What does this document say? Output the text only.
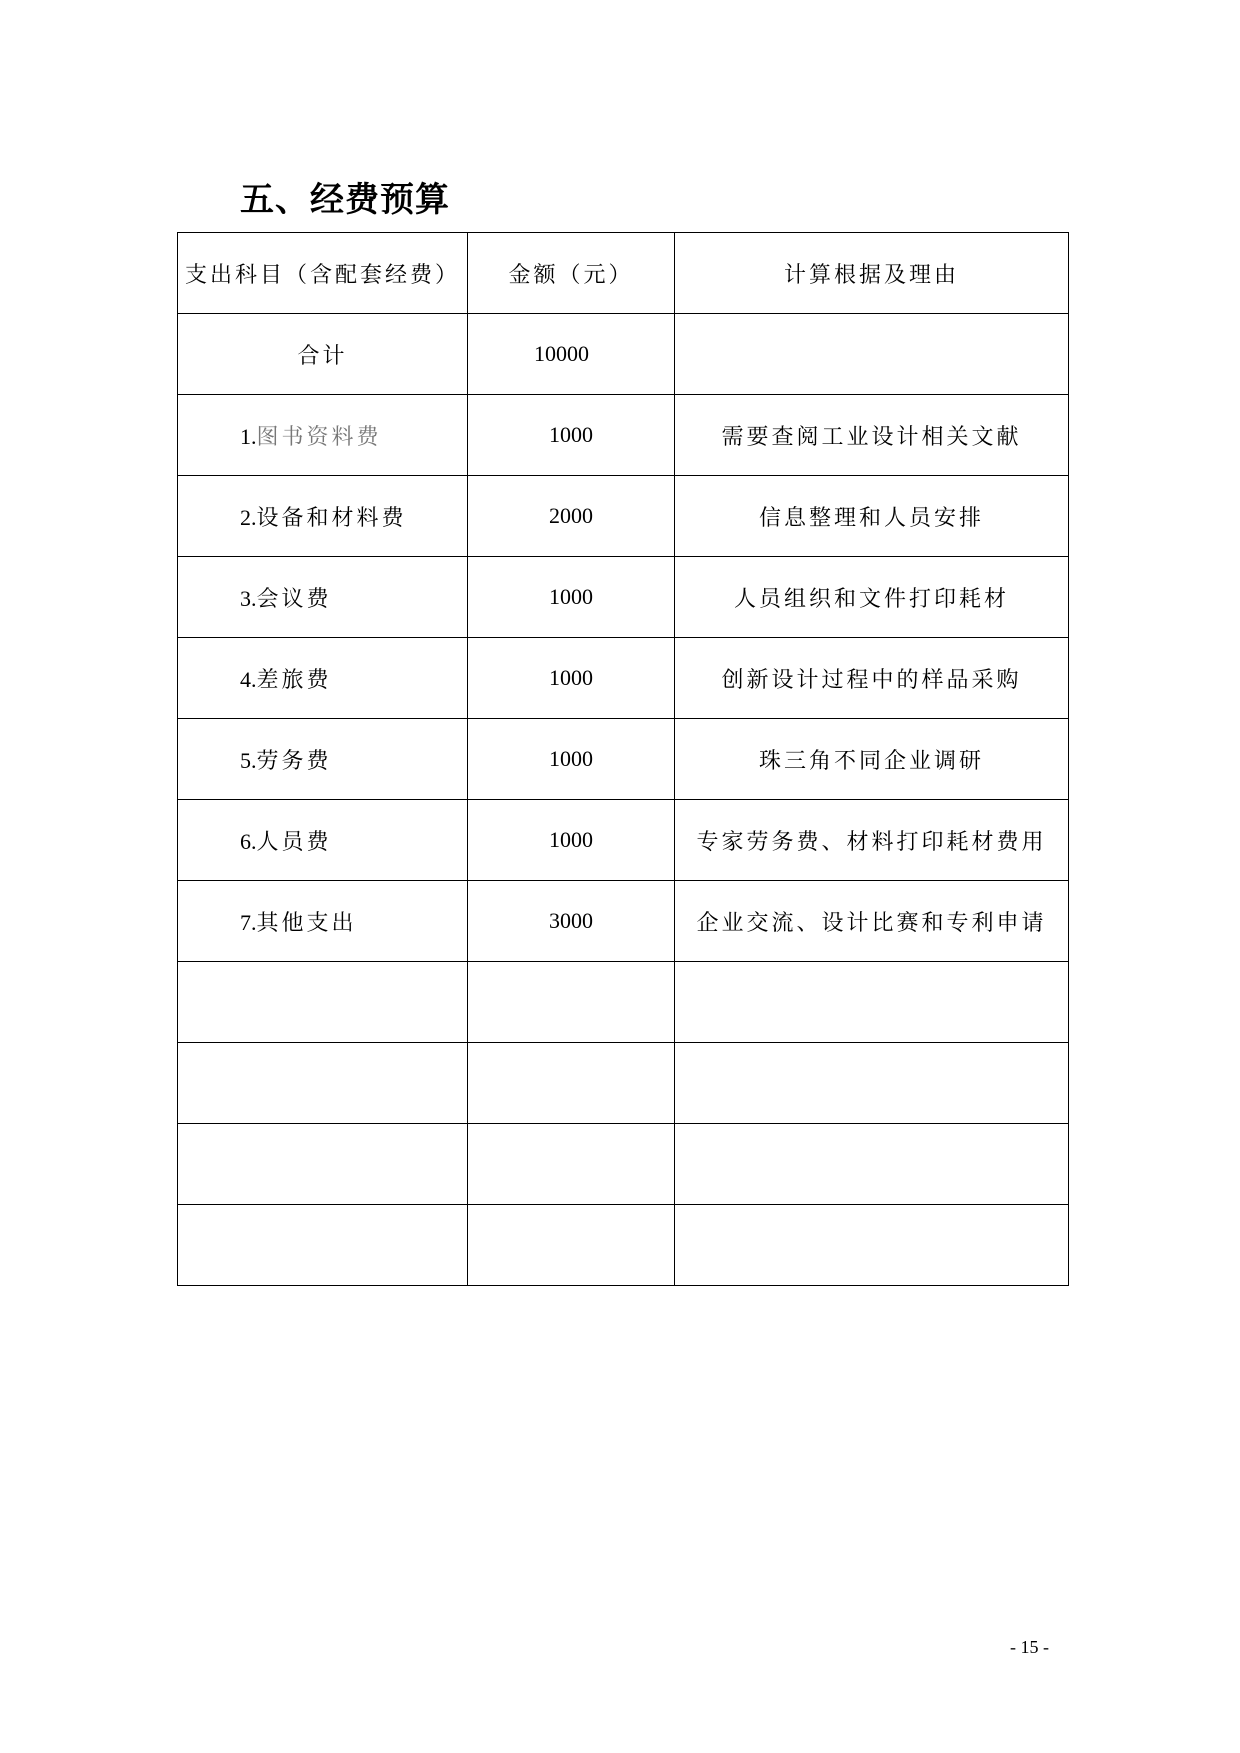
五、经费预算
支出科目（含配套经费）	金额（元）	计算根据及理由
合计	10000	
1.图书资料费	1000	需要查阅工业设计相关文献
2.设备和材料费	2000	信息整理和人员安排
3.会议费	1000	人员组织和文件打印耗材
4.差旅费	1000	创新设计过程中的样品采购
5.劳务费	1000	珠三角不同企业调研
6.人员费	1000	专家劳务费、材料打印耗材费用
7.其他支出	3000	企业交流、设计比赛和专利申请

- 15 -
